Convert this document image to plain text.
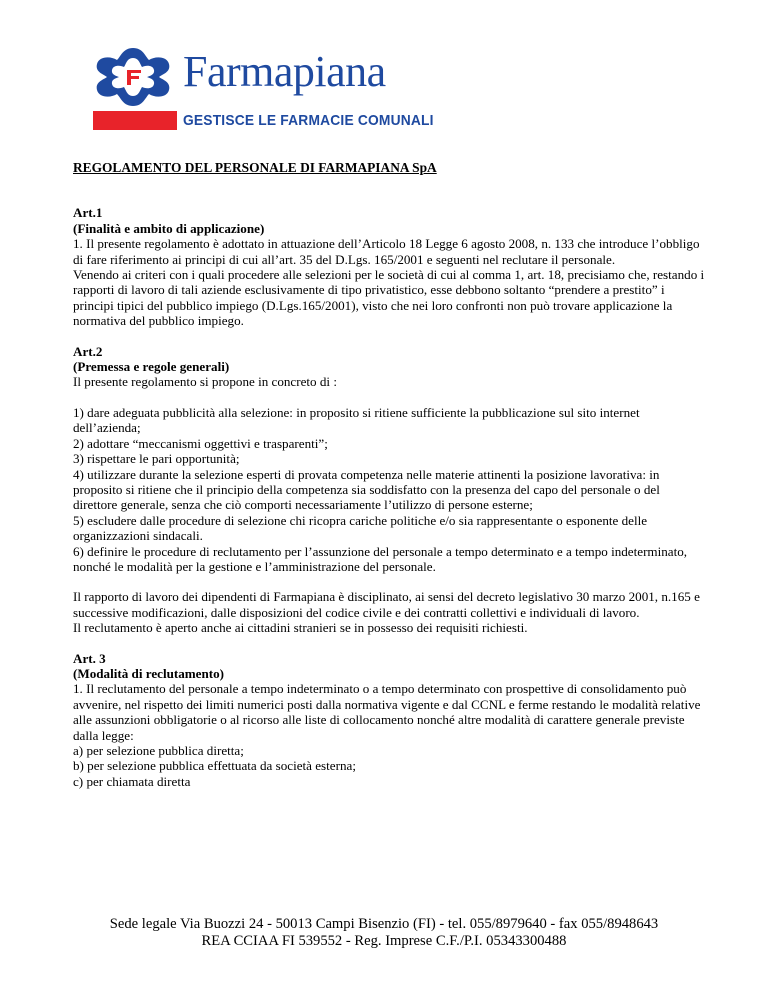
Farmapiana
GESTISCE LE FARMACIE COMUNALI

REGOLAMENTO DEL PERSONALE DI FARMAPIANA SpA

Art.1

(Finalità e ambito di applicazione)

1. Il presente regolamento è adottato in attuazione dell’Articolo 18 Legge 6 agosto 2008, n. 133 che introduce l’obbligo di fare riferimento ai principi di cui all’art. 35 del D.Lgs. 165/2001 e seguenti nel reclutare il personale.

Venendo ai criteri con i quali procedere alle selezioni per le società di cui al comma 1, art. 18, precisiamo che, restando i rapporti di lavoro di tali aziende esclusivamente di tipo privatistico, esse debbono soltanto “prendere a prestito” i principi tipici del pubblico impiego (D.Lgs.165/2001), visto che nei loro confronti non può trovare applicazione la normativa del pubblico impiego.

Art.2

(Premessa e regole generali)

Il presente regolamento si propone in concreto di :

1) dare adeguata pubblicità alla selezione: in proposito si ritiene sufficiente la pubblicazione sul sito internet dell’azienda;

2) adottare “meccanismi oggettivi e trasparenti”;

3) rispettare le pari opportunità;

4) utilizzare durante la selezione esperti di provata competenza nelle materie attinenti la posizione lavorativa: in proposito si ritiene che il principio della competenza sia soddisfatto con la presenza del capo del personale o del direttore generale, senza che ciò comporti necessariamente l’utilizzo di persone esterne;

5) escludere dalle procedure di selezione chi ricopra cariche politiche e/o sia rappresentante o esponente delle organizzazioni sindacali.

6) definire le procedure di reclutamento per l’assunzione del personale a tempo determinato e a tempo indeterminato, nonché le modalità per la gestione e l’amministrazione del personale.

Il rapporto di lavoro dei dipendenti di Farmapiana è disciplinato, ai sensi del decreto legislativo 30 marzo 2001, n.165 e successive modificazioni, dalle disposizioni del codice civile e dei contratti collettivi e individuali di lavoro.

Il reclutamento è aperto anche ai cittadini stranieri se in possesso dei requisiti richiesti.

Art. 3

(Modalità di reclutamento)

1. Il reclutamento del personale a tempo indeterminato o a tempo determinato con prospettive di consolidamento può avvenire, nel rispetto dei limiti numerici posti dalla normativa vigente e dal CCNL e ferme restando le modalità relative alle assunzioni obbligatorie o al ricorso alle liste di collocamento nonché altre modalità di carattere generale previste dalla legge:

a) per selezione pubblica diretta;

b) per selezione pubblica effettuata da società esterna;

c) per chiamata diretta

Sede legale Via Buozzi 24 - 50013 Campi Bisenzio (FI) - tel. 055/8979640 - fax 055/8948643
REA CCIAA FI 539552 - Reg. Imprese C.F./P.I. 05343300488
